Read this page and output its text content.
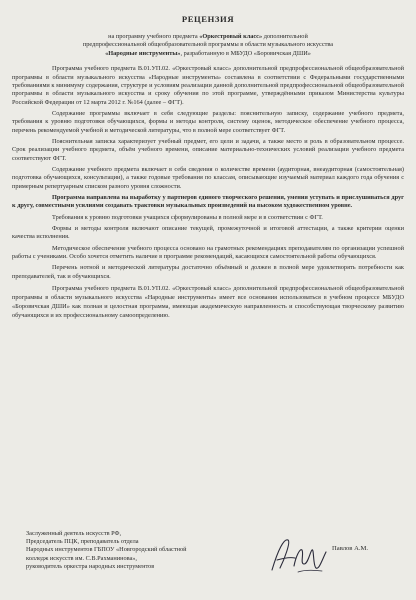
РЕЦЕНЗИЯ
на программу учебного предмета «Оркестровый класс» дополнительной
предпрофессиональной общеобразовательной программы в области музыкального искусства
«Народные инструменты», разработанную в МБУДО «Боровичская ДШИ»

Программа учебного предмета В.01.УП.02. «Оркестровый класс» дополнительной предпрофессиональной общеобразовательной программы в области музыкального искусства «Народные инструменты» составлена в соответствии с Федеральными государственными требованиями к минимуму содержания, структуре и условиям реализации данной дополнительной предпрофессиональной общеобразовательной программы в области музыкального искусства и сроку обучения по этой программе, утверждёнными приказом Министерства культуры Российской Федерации от 12 марта 2012 г. №164 (далее – ФГТ).

Содержание программы включает в себя следующие разделы: пояснительную записку, содержание учебного предмета, требования к уровню подготовки обучающихся, формы и методы контроля, систему оценок, методическое обеспечение учебного процесса, перечень рекомендуемой учебной и методической литературы, что в полной мере соответствует ФГТ.

Пояснительная записка характеризует учебный предмет, его цели и задачи, а также место и роль в образовательном процессе. Срок реализации учебного предмета, объём учебного времени, описание материально-технических условий реализации учебного предмета соответствуют ФГТ.

Содержание учебного предмета включает в себя сведения о количестве времени (аудиторная, внеаудиторная (самостоятельная) подготовка обучающихся, консультации), а также годовые требования по классам, описывающие изучаемый материал каждого года обучения с примерным репертуарным списком разного уровня сложности.

Программа направлена на выработку у партнеров единого творческого решения, умения уступать и прислушиваться друг к другу, совместными усилиями создавать трактовки музыкальных произведений на высоком художественном уровне.

Требования к уровню подготовки учащихся сформулированы в полной мере и в соответствии с ФГТ.

Формы и методы контроля включают описание текущей, промежуточной и итоговой аттестации, а также критерии оценки качества исполнения.

Методическое обеспечение учебного процесса основано на грамотных рекомендациях преподавателям по организации успешной работы с учениками. Особо хочется отметить наличие в программе рекомендаций, касающихся самостоятельной работы обучающихся.

Перечень нотной и методической литературы достаточно объёмный и должен в полной мере удовлетворять потребности как преподавателей, так и обучающихся.

Программа учебного предмета В.01.УП.02. «Оркестровый класс» дополнительной предпрофессиональной общеобразовательной программы в области музыкального искусства «Народные инструменты» имеет все основания использоваться в учебном процессе МБУДО «Боровичская ДШИ» как полная и целостная программа, имеющая академическую направленность и способствующая творческому развитию обучающихся и их профессиональному самоопределению.

Заслуженный деятель искусств РФ,
Председатель ПЦК, преподаватель отдела
Народных инструментов ГБПОУ «Новгородский областной
колледж искусств им. С.В.Рахманинова»,
руководитель оркестра народных инструментов
Павлов А.М.
